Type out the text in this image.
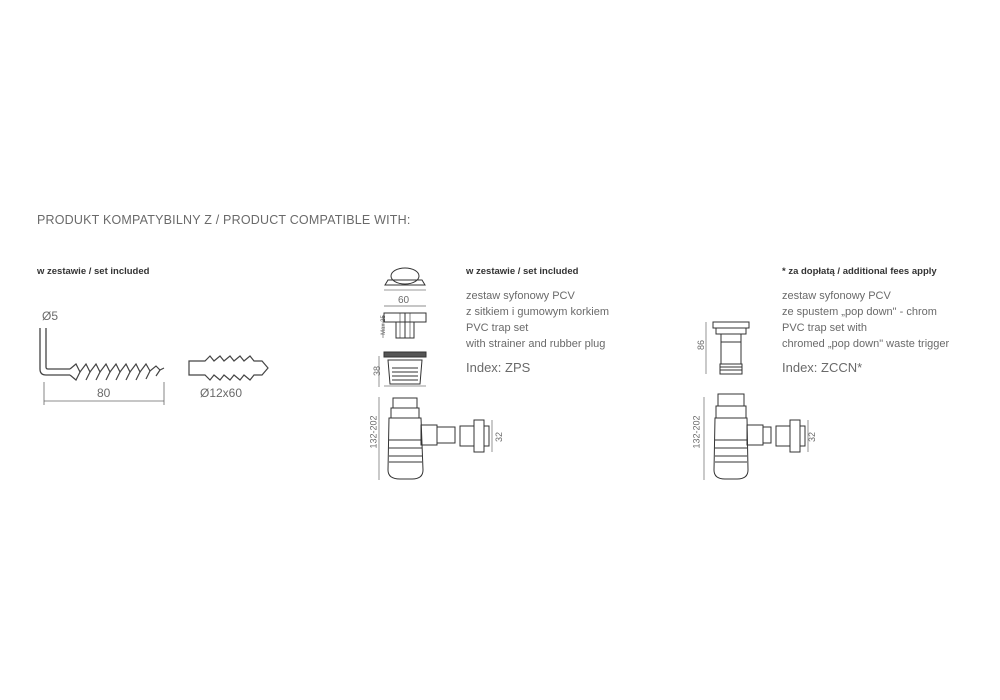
PRODUKT KOMPATYBILNY Z / PRODUCT COMPATIBLE WITH:
w zestawie / set included
Ø5
80	Ø12x60
w zestawie / set included
zestaw syfonowy PCV
z sitkiem i gumowym korkiem
PVC trap set
with strainer and rubber plug
Index: ZPS
60
38
132-202	32
Max 25
* za dopłatą / additional fees apply
zestaw syfonowy PCV
ze spustem „pop down" - chrom
PVC trap set with
chromed „pop down" waste trigger
Index: ZCCN*
86
132-202	32
